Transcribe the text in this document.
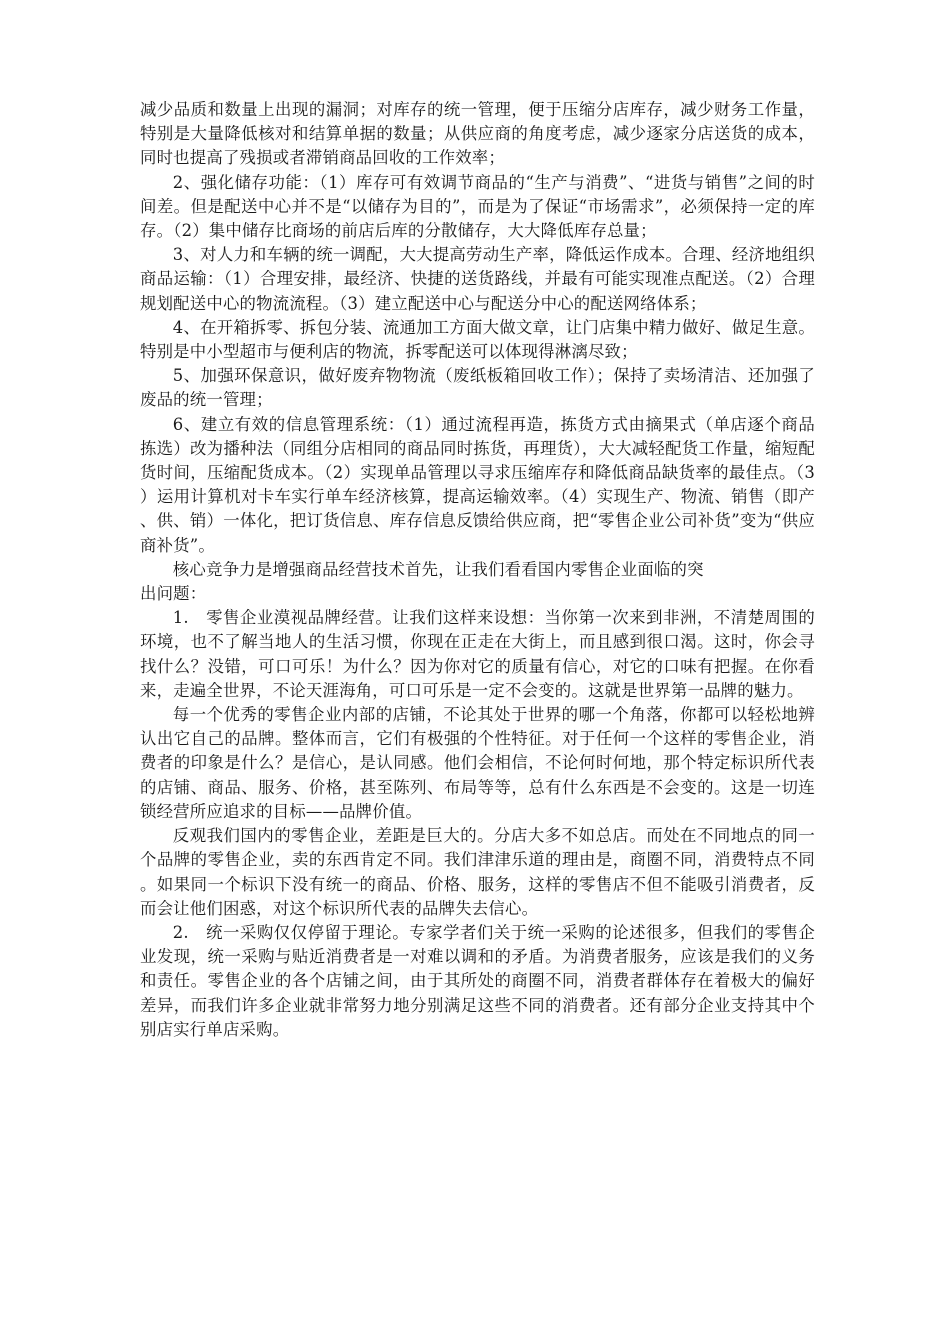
减少品质和数量上出现的漏洞；对库存的统一管理，便于压缩分店库存，减少财务工作量，特别是大量降低核对和结算单据的数量；从供应商的角度考虑，减少逐家分店送货的成本，同时也提高了残损或者滞销商品回收的工作效率；

2、强化储存功能：（1）库存可有效调节商品的“生产与消费”、“进货与销售”之间的时间差。但是配送中心并不是“以储存为目的”，而是为了保证“市场需求”，必须保持一定的库存。（2）集中储存比商场的前店后库的分散储存，大大降低库存总量；

3、对人力和车辆的统一调配，大大提高劳动生产率，降低运作成本。合理、经济地组织商品运输：（1）合理安排，最经济、快捷的送货路线，并最有可能实现准点配送。（2）合理规划配送中心的物流流程。（3）建立配送中心与配送分中心的配送网络体系；

4、在开箱拆零、拆包分装、流通加工方面大做文章，让门店集中精力做好、做足生意。特别是中小型超市与便利店的物流，拆零配送可以体现得淋漓尽致；

5、加强环保意识，做好废弃物物流（废纸板箱回收工作）；保持了卖场清洁、还加强了废品的统一管理；

6、建立有效的信息管理系统：（1）通过流程再造，拣货方式由摘果式（单店逐个商品拣选）改为播种法（同组分店相同的商品同时拣货，再理货），大大减轻配货工作量，缩短配货时间，压缩配货成本。（2）实现单品管理以寻求压缩库存和降低商品缺货率的最佳点。（3）运用计算机对卡车实行单车经济核算，提高运输效率。（4）实现生产、物流、销售（即产、供、销）一体化，把订货信息、库存信息反馈给供应商，把“零售企业公司补货”变为“供应商补货”。

核心竞争力是增强商品经营技术首先，让我们看看国内零售企业面临的突

出问题：

1.　零售企业漠视品牌经营。让我们这样来设想：当你第一次来到非洲，不清楚周围的环境，也不了解当地人的生活习惯，你现在正走在大街上，而且感到很口渴。这时，你会寻找什么？没错，可口可乐！为什么？因为你对它的质量有信心，对它的口味有把握。在你看来，走遍全世界，不论天涯海角，可口可乐是一定不会变的。这就是世界第一品牌的魅力。

每一个优秀的零售企业内部的店铺，不论其处于世界的哪一个角落，你都可以轻松地辨认出它自己的品牌。整体而言，它们有极强的个性特征。对于任何一个这样的零售企业，消费者的印象是什么？是信心，是认同感。他们会相信，不论何时何地，那个特定标识所代表的店铺、商品、服务、价格，甚至陈列、布局等等，总有什么东西是不会变的。这是一切连锁经营所应追求的目标——品牌价值。

反观我们国内的零售企业，差距是巨大的。分店大多不如总店。而处在不同地点的同一个品牌的零售企业，卖的东西肯定不同。我们津津乐道的理由是，商圈不同，消费特点不同。如果同一个标识下没有统一的商品、价格、服务，这样的零售店不但不能吸引消费者，反而会让他们困惑，对这个标识所代表的品牌失去信心。

2.　统一采购仅仅停留于理论。专家学者们关于统一采购的论述很多，但我们的零售企业发现，统一采购与贴近消费者是一对难以调和的矛盾。为消费者服务，应该是我们的义务和责任。零售企业的各个店铺之间，由于其所处的商圈不同，消费者群体存在着极大的偏好差异，而我们许多企业就非常努力地分别满足这些不同的消费者。还有部分企业支持其中个别店实行单店采购。
